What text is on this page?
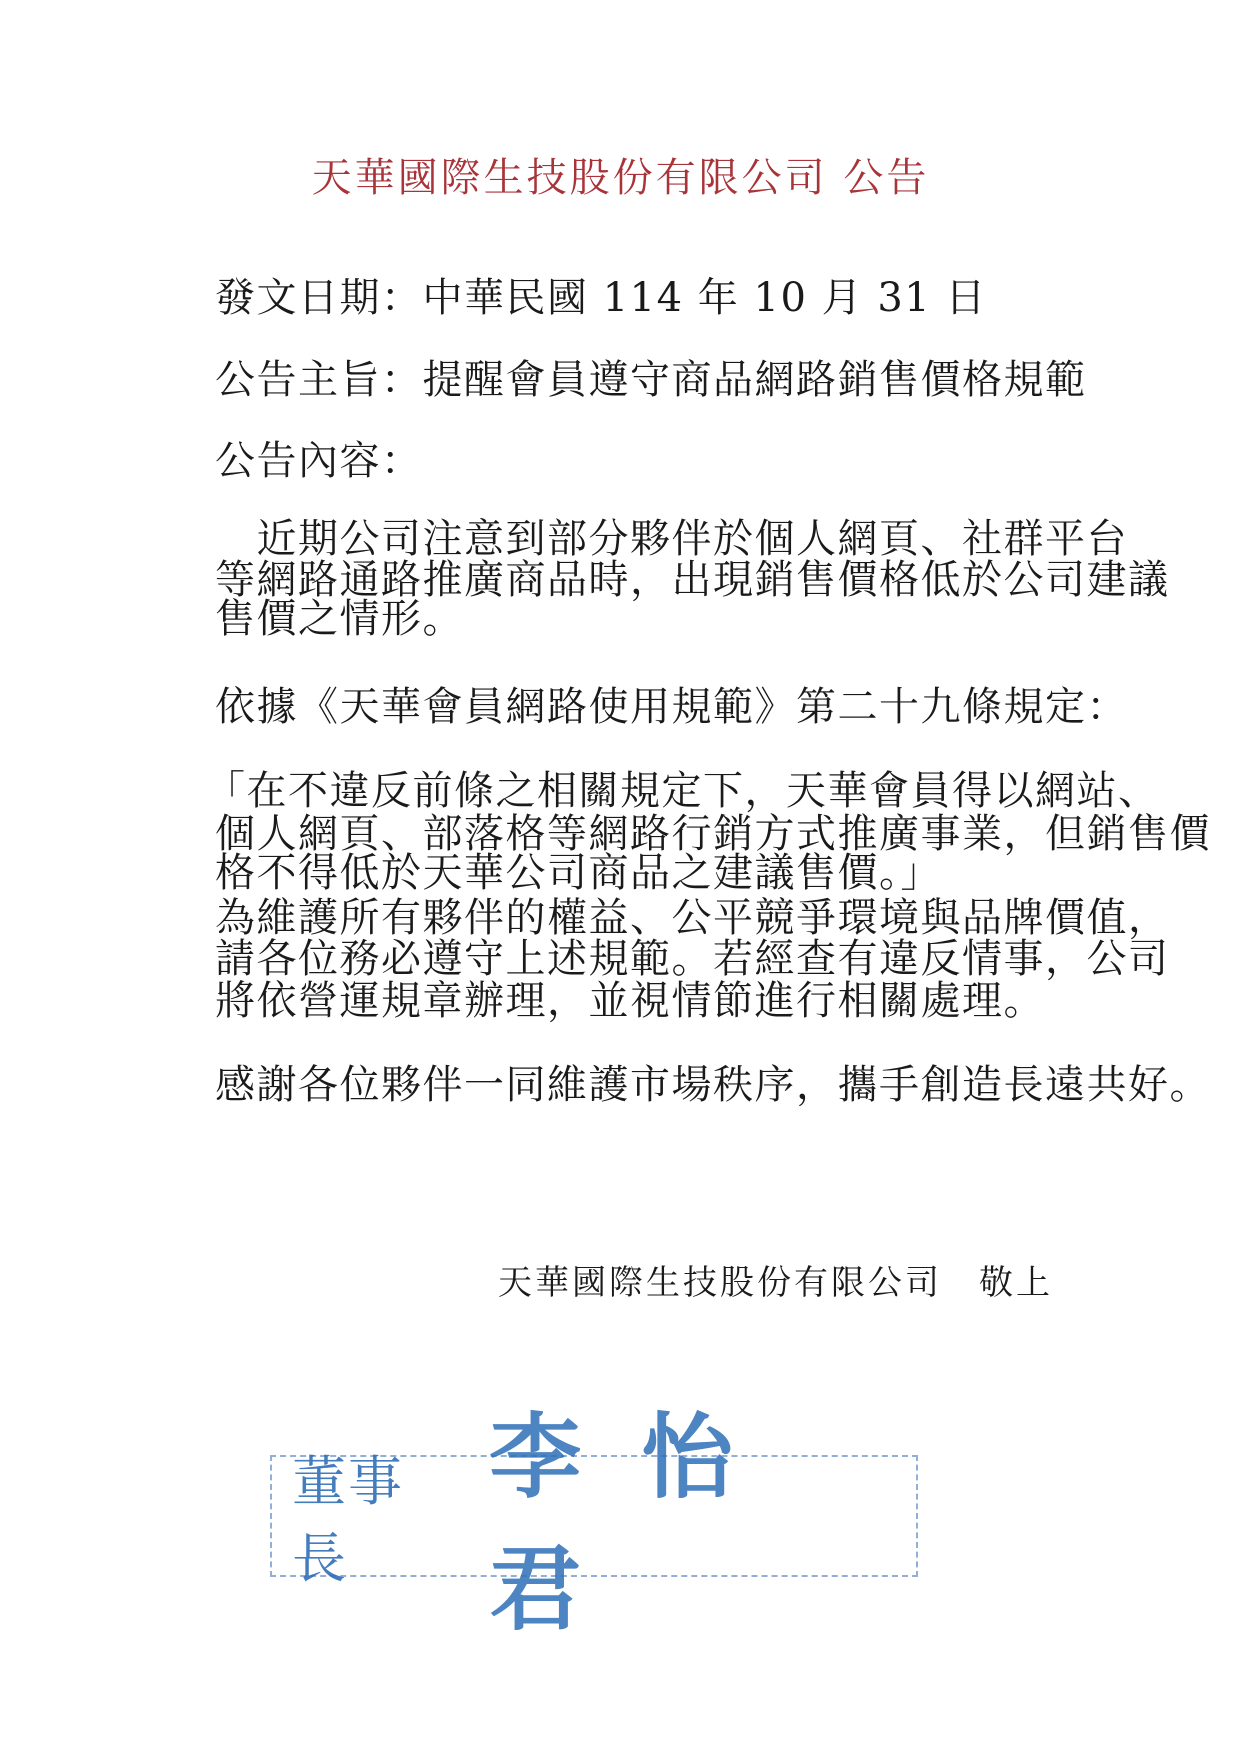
天華國際生技股份有限公司 公告
發文日期：中華民國 114 年 10 月 31 日
公告主旨：提醒會員遵守商品網路銷售價格規範
公告內容：
　近期公司注意到部分夥伴於個人網頁、社群平台
等網路通路推廣商品時，出現銷售價格低於公司建議
售價之情形。
依據《天華會員網路使用規範》第二十九條規定：
「在不違反前條之相關規定下，天華會員得以網站、
個人網頁、部落格等網路行銷方式推廣事業，但銷售價
格不得低於天華公司商品之建議售價。」
為維護所有夥伴的權益、公平競爭環境與品牌價值，
請各位務必遵守上述規範。若經查有違反情事，公司
將依營運規章辦理，並視情節進行相關處理。
感謝各位夥伴一同維護市場秩序，攜手創造長遠共好。
天華國際生技股份有限公司　敬上
董事長
李怡君
